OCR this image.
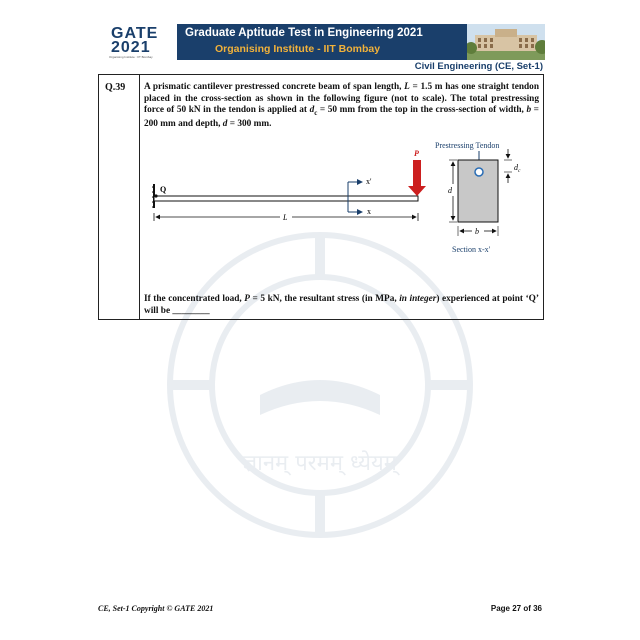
ज्ञानम् परमम् ध्येयम्
GATE
2021
Organising Institute : IIT Bombay
Graduate Aptitude Test in Engineering 2021
Organising Institute - IIT Bombay
Civil Engineering (CE, Set-1)
Q.39 A prismatic cantilever prestressed concrete beam of span length, L = 1.5 m has one straight tendon placed in the cross-section as shown in the following figure (not to scale). The total prestressing force of 50 kN in the tendon is applied at $d_c = 50$ mm from the top in the cross-section of width, b = 200 mm and depth, d = 300 mm.
If the concentrated load, P = 5 kN, the resultant stress (in MPa, in integer) experienced at point ‘Q’ will be ________
Q
x'
x
P
L
Prestressing Tendon
d
$d_c$
b
Section x-x'
CE, Set-1 Copyright © GATE 2021	Page 27 of 36
